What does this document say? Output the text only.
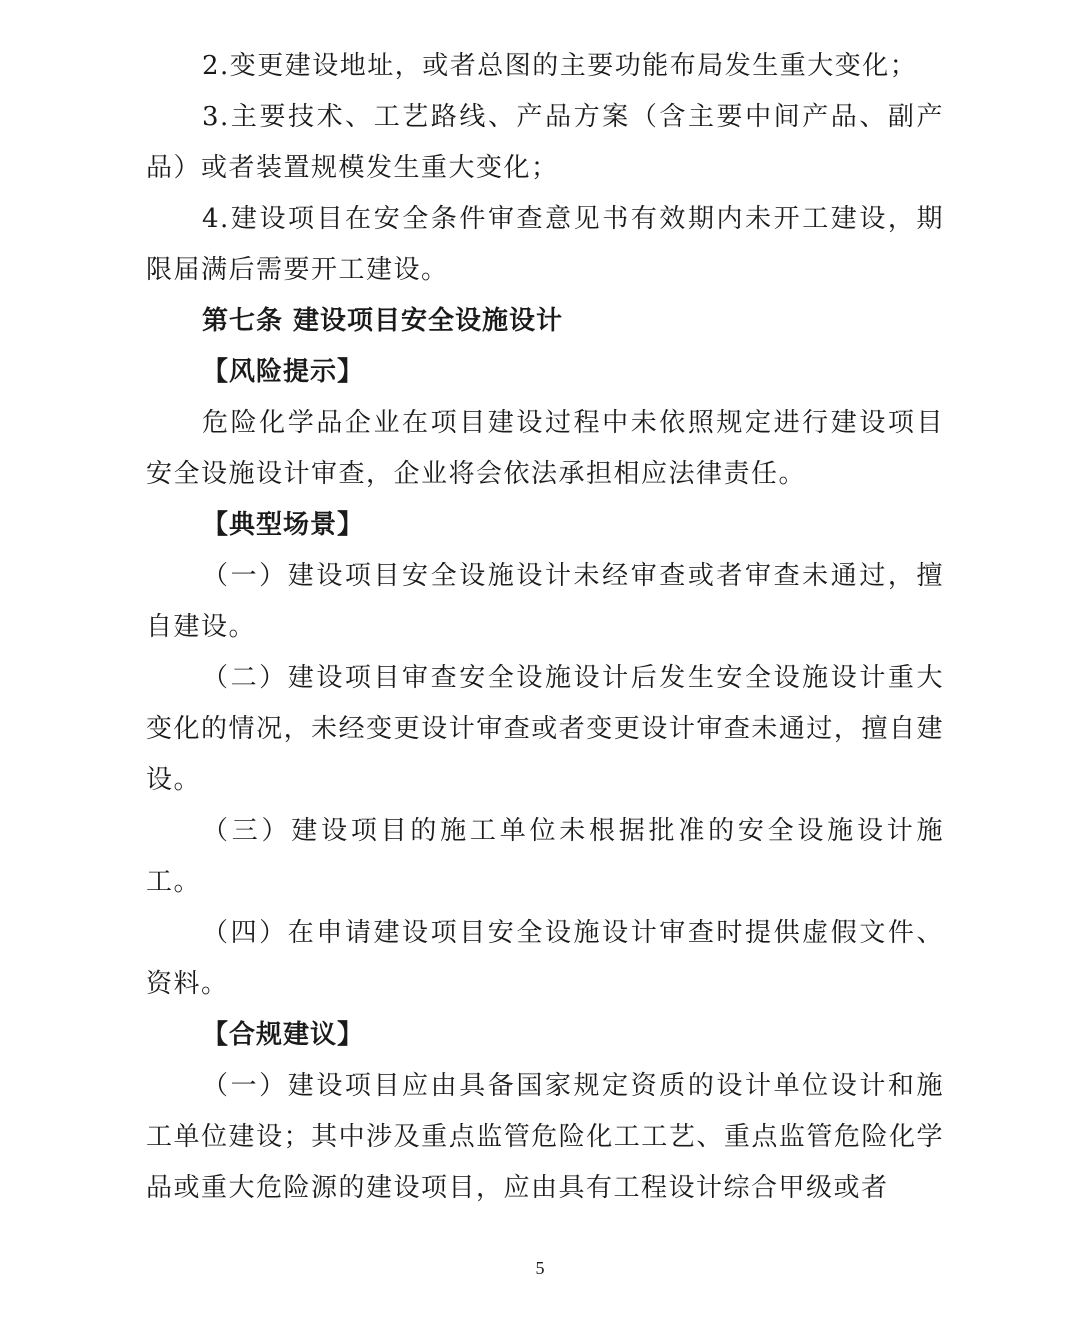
2.变更建设地址，或者总图的主要功能布局发生重大变化；

3.主要技术、工艺路线、产品方案（含主要中间产品、副产品）或者装置规模发生重大变化；

4.建设项目在安全条件审查意见书有效期内未开工建设，期限届满后需要开工建设。

第七条 建设项目安全设施设计

【风险提示】

危险化学品企业在项目建设过程中未依照规定进行建设项目安全设施设计审查，企业将会依法承担相应法律责任。

【典型场景】

（一）建设项目安全设施设计未经审查或者审查未通过，擅自建设。

（二）建设项目审查安全设施设计后发生安全设施设计重大变化的情况，未经变更设计审查或者变更设计审查未通过，擅自建设。

（三）建设项目的施工单位未根据批准的安全设施设计施工。

（四）在申请建设项目安全设施设计审查时提供虚假文件、资料。

【合规建议】

（一）建设项目应由具备国家规定资质的设计单位设计和施工单位建设；其中涉及重点监管危险化工工艺、重点监管危险化学品或重大危险源的建设项目，应由具有工程设计综合甲级或者

5
